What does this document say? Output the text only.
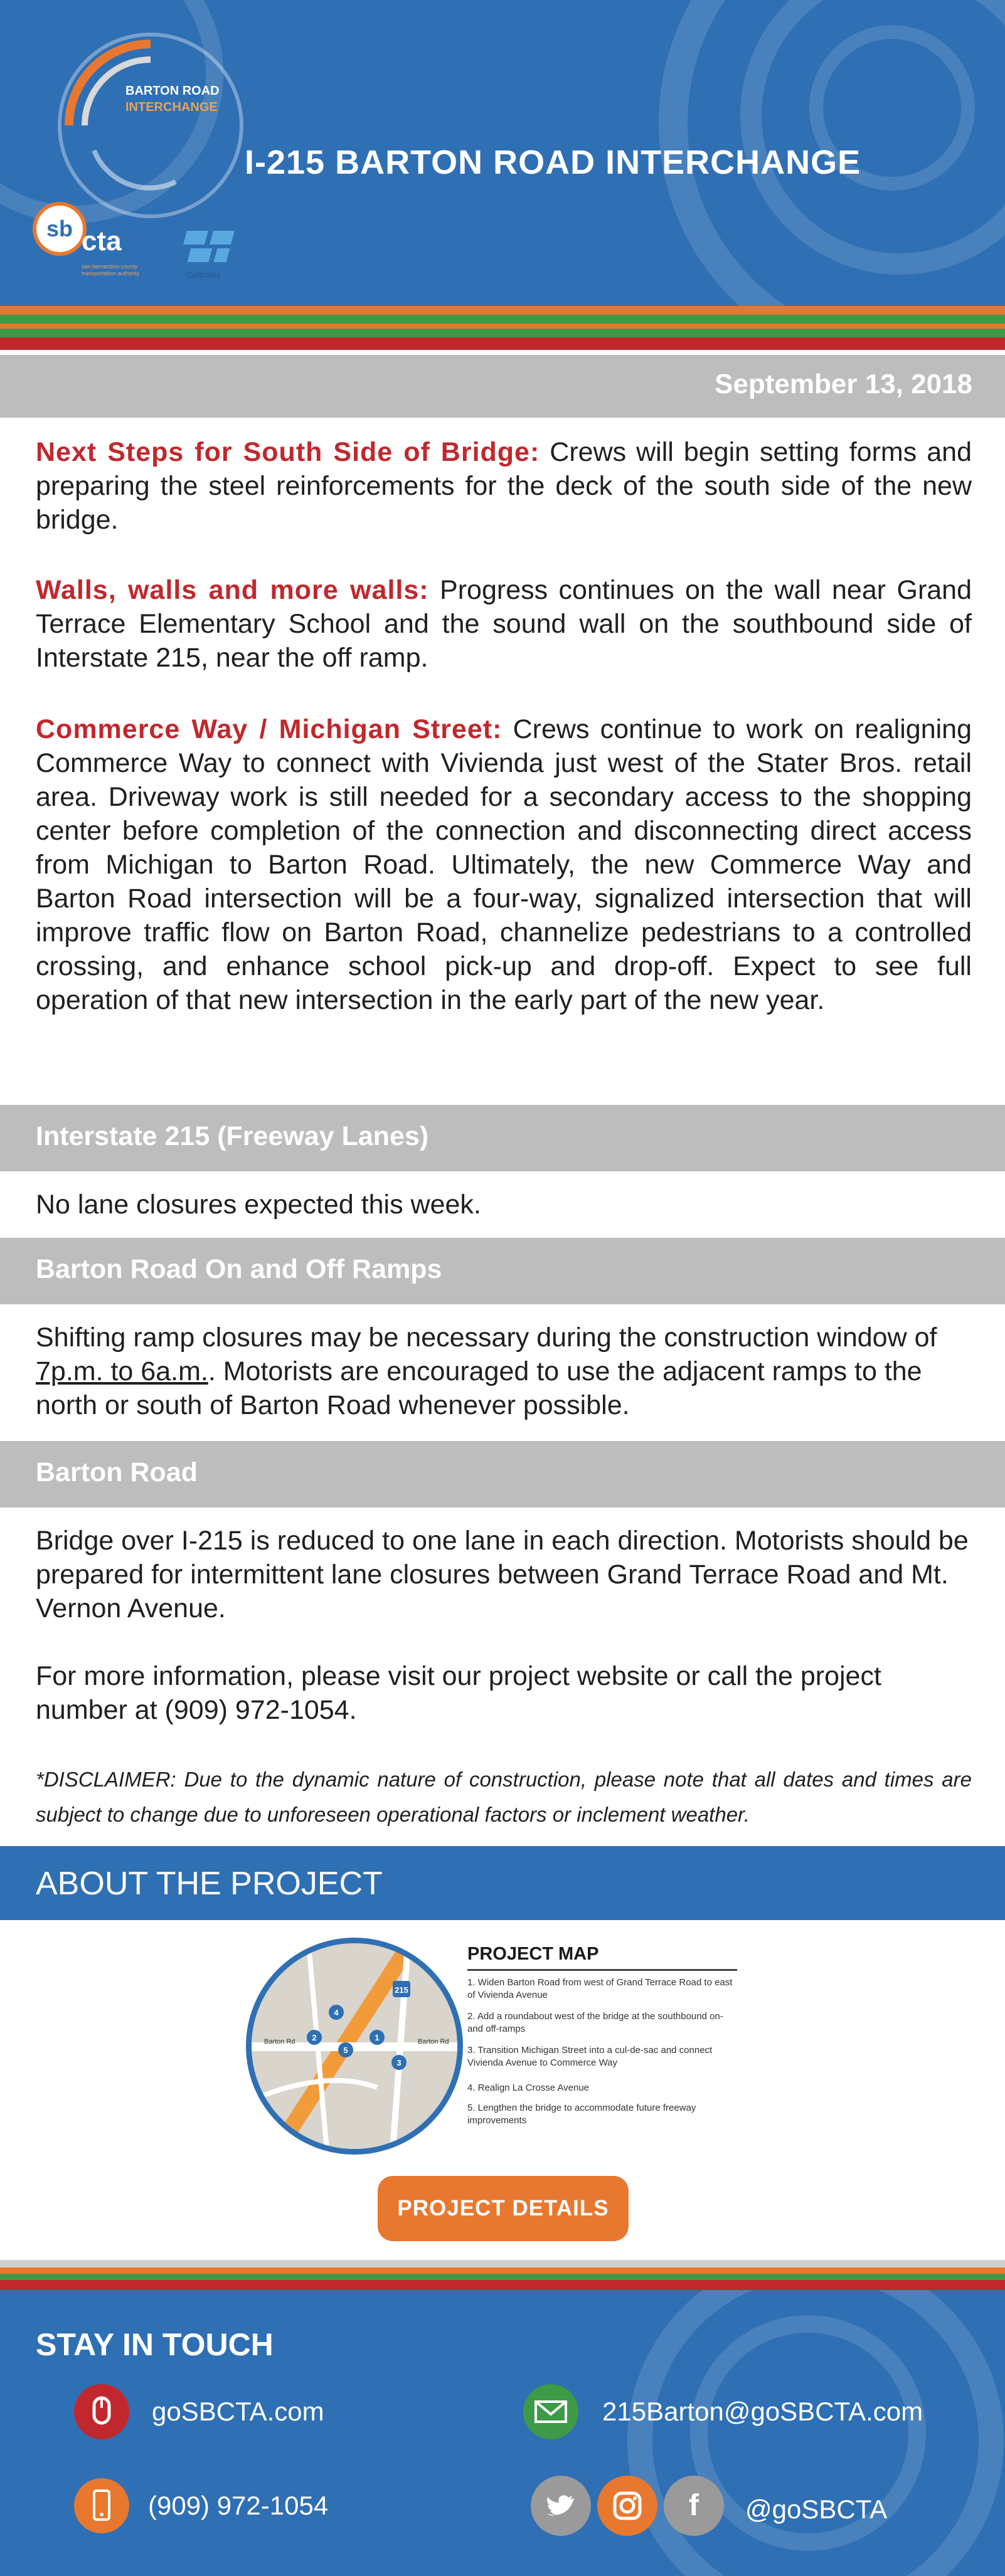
BARTON ROAD
INTERCHANGE
I-215 BARTON ROAD INTERCHANGE
sb cta
san bernardino county transportation authority	Caltrans
September 13, 2018
Next Steps for South Side of Bridge: Crews will begin setting forms and preparing the steel reinforcements for the deck of the south side of the new bridge.
Walls, walls and more walls: Progress continues on the wall near Grand Terrace Elementary School and the sound wall on the southbound side of Interstate 215, near the off ramp.
Commerce Way / Michigan Street: Crews continue to work on realigning Commerce Way to connect with Vivienda just west of the Stater Bros. retail area. Driveway work is still needed for a secondary access to the shopping center before completion of the connection and disconnecting direct access from Michigan to Barton Road. Ultimately, the new Commerce Way and Barton Road intersection will be a four-way, signalized intersection that will improve traffic flow on Barton Road, channelize pedestrians to a controlled crossing, and enhance school pick-up and drop-off. Expect to see full operation of that new intersection in the early part of the new year.
Interstate 215 (Freeway Lanes)
No lane closures expected this week.
Barton Road On and Off Ramps
Shifting ramp closures may be necessary during the construction window of 7p.m. to 6a.m.. Motorists are encouraged to use the adjacent ramps to the north or south of Barton Road whenever possible.
Barton Road
Bridge over I-215 is reduced to one lane in each direction. Motorists should be prepared for intermittent lane closures between Grand Terrace Road and Mt. Vernon Avenue.
For more information, please visit our project website or call the project number at (909) 972-1054.
*DISCLAIMER: Due to the dynamic nature of construction, please note that all dates and times are subject to change due to unforeseen operational factors or inclement weather.
ABOUT THE PROJECT
215
Barton Rd	Barton Rd
1
2
3
4
5
PROJECT MAP
1. Widen Barton Road from west of Grand Terrace Road to east of Vivienda Avenue
2. Add a roundabout west of the bridge at the southbound on- and off-ramps
3. Transition Michigan Street into a cul-de-sac and connect Vivienda Avenue to Commerce Way
4. Realign La Crosse Avenue
5. Lengthen the bridge to accommodate future freeway improvements
PROJECT DETAILS
STAY IN TOUCH
goSBCTA.com	215Barton@goSBCTA.com
(909) 972-1054	f	@goSBCTA
